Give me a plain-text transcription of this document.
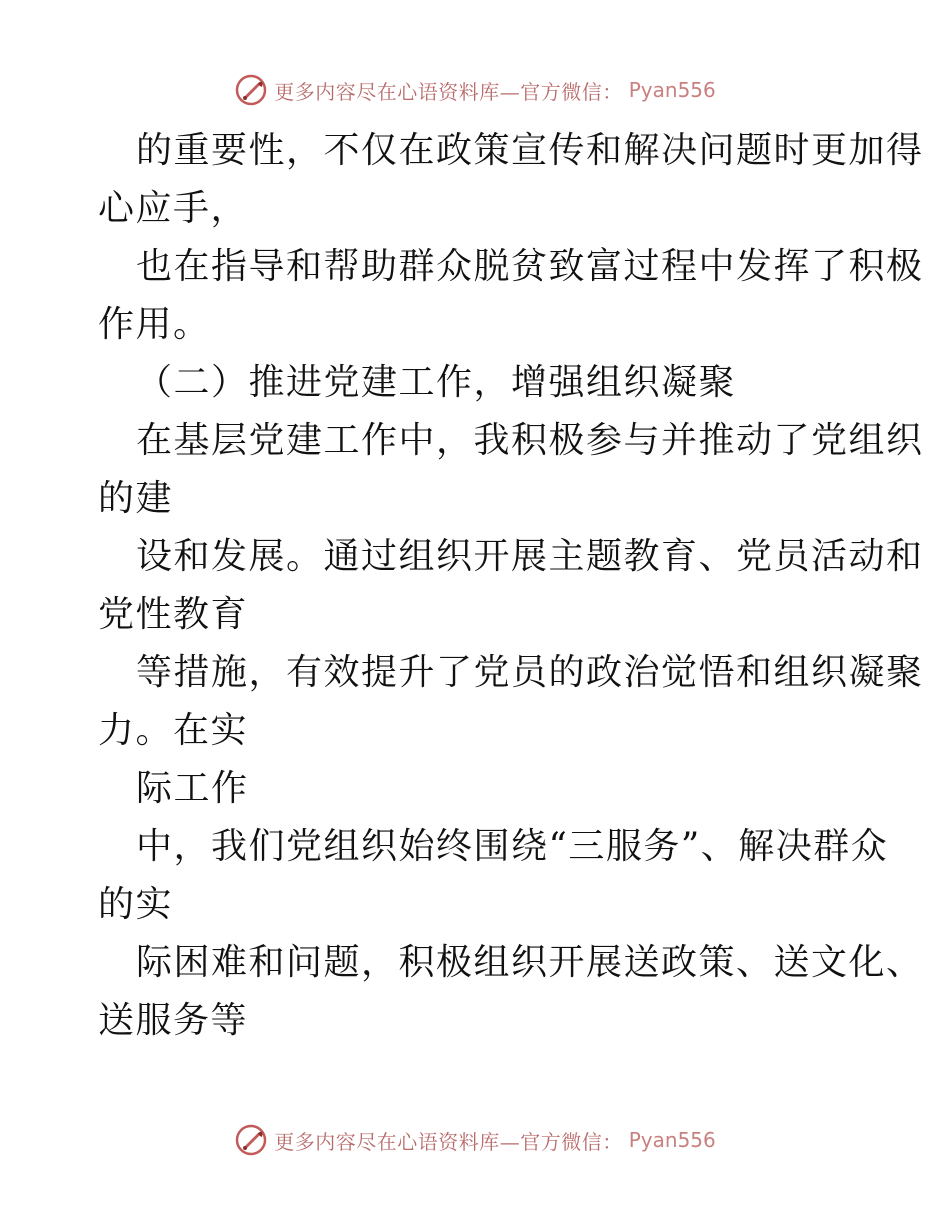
更多内容尽在心语资料库—官方微信： Pyan556
的重要性，不仅在政策宣传和解决问题时更加得
心应手，
也在指导和帮助群众脱贫致富过程中发挥了积极
作用。
（二）推进党建工作，增强组织凝聚
在基层党建工作中，我积极参与并推动了党组织
的建
设和发展。通过组织开展主题教育、党员活动和
党性教育
等措施，有效提升了党员的政治觉悟和组织凝聚
力。在实
际工作
中，我们党组织始终围绕“三服务”、解决群众
的实
际困难和问题，积极组织开展送政策、送文化、
送服务等
更多内容尽在心语资料库—官方微信： Pyan556
